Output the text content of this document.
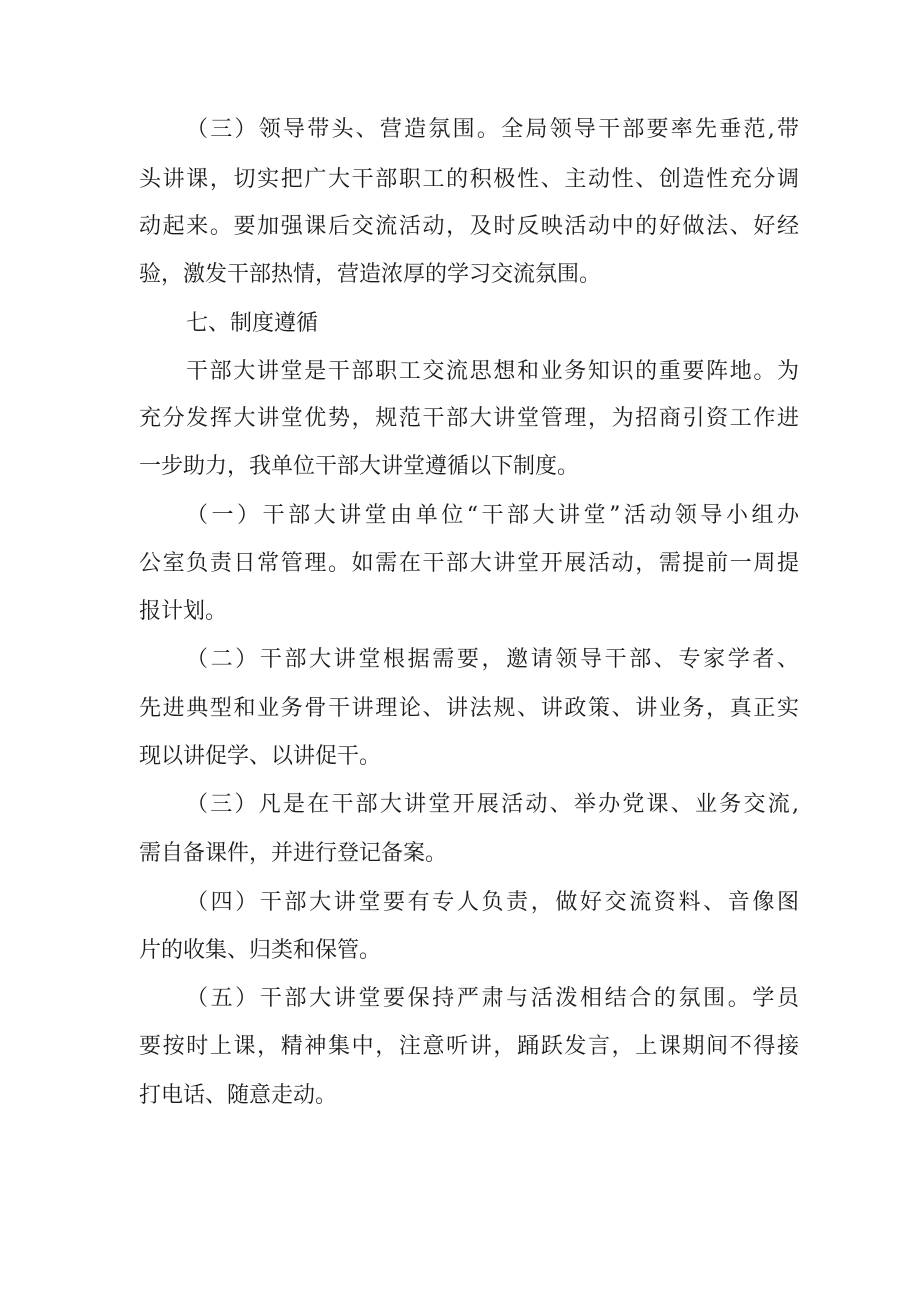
（三）领导带头、营造氛围。全局领导干部要率先垂范,带
头讲课，切实把广大干部职工的积极性、主动性、创造性充分调
动起来。要加强课后交流活动，及时反映活动中的好做法、好经
验，激发干部热情，营造浓厚的学习交流氛围。
七、制度遵循
干部大讲堂是干部职工交流思想和业务知识的重要阵地。为
充分发挥大讲堂优势，规范干部大讲堂管理，为招商引资工作进
一步助力，我单位干部大讲堂遵循以下制度。
（一）干部大讲堂由单位“干部大讲堂”活动领导小组办
公室负责日常管理。如需在干部大讲堂开展活动，需提前一周提
报计划。
（二）干部大讲堂根据需要，邀请领导干部、专家学者、
先进典型和业务骨干讲理论、讲法规、讲政策、讲业务，真正实
现以讲促学、以讲促干。
（三）凡是在干部大讲堂开展活动、举办党课、业务交流,
需自备课件，并进行登记备案。
（四）干部大讲堂要有专人负责，做好交流资料、音像图
片的收集、归类和保管。
（五）干部大讲堂要保持严肃与活泼相结合的氛围。学员
要按时上课，精神集中，注意听讲，踊跃发言，上课期间不得接
打电话、随意走动。
